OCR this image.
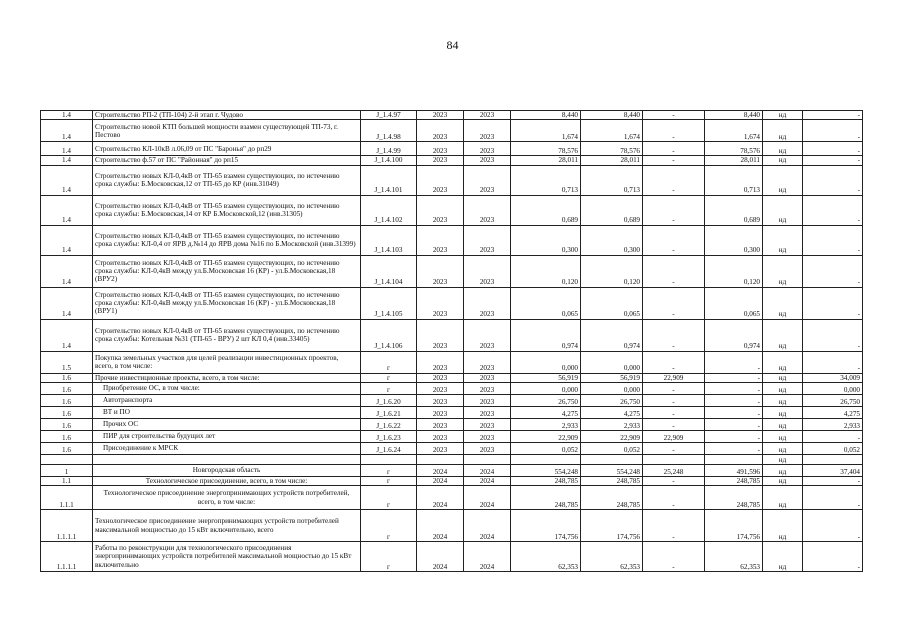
84
1.4	Строительство РП-2 (ТП-104) 2-й этап г. Чудово	J_1.4.97	2023	2023	8,440	8,440	-	8,440	нд	-
1.4	Строительство новой КТП большей мощности взамен существующей ТП-73, г. Пестово	J_1.4.98	2023	2023	1,674	1,674	-	1,674	нд	-
1.4	Строительство КЛ-10кВ л.06,09 от ПС "Баронья" до рп29	J_1.4.99	2023	2023	78,576	78,576	-	78,576	нд	-
1.4	Строительство ф.57 от ПС "Районная" до рп15	J_1.4.100	2023	2023	28,011	28,011	-	28,011	нд	-
1.4	Строительство новых КЛ-0,4кВ от ТП-65 взамен существующих, по истечению срока службы: Б.Московская,12 от ТП-65 до КР (инв.31049)	J_1.4.101	2023	2023	0,713	0,713	-	0,713	нд	-
1.4	Строительство новых КЛ-0,4кВ от ТП-65 взамен существующих, по истечению срока службы: Б.Московская,14 от КР Б.Московской,12 (инв.31305)	J_1.4.102	2023	2023	0,689	0,689	-	0,689	нд	-
1.4	Строительство новых КЛ-0,4кВ от ТП-65 взамен существующих, по истечению срока службы: КЛ-0,4 от ЯРВ д.№14 до ЯРВ дома №16 по Б.Московской (инв.31399)	J_1.4.103	2023	2023	0,300	0,300	-	0,300	нд	-
1.4	Строительство новых КЛ-0,4кВ от ТП-65 взамен существующих, по истечению срока службы: КЛ-0,4кВ между ул.Б.Московская 16 (КР) - ул.Б.Московская,18 (ВРУ2)	J_1.4.104	2023	2023	0,120	0,120	-	0,120	нд	-
1.4	Строительство новых КЛ-0,4кВ от ТП-65 взамен существующих, по истечению срока службы: КЛ-0,4кВ между ул.Б.Московская 16 (КР) - ул.Б.Московская,18 (ВРУ1)	J_1.4.105	2023	2023	0,065	0,065	-	0,065	нд	-
1.4	Строительство новых КЛ-0,4кВ от ТП-65 взамен существующих, по истечению срока службы: Котельная №31 (ТП-65 - ВРУ) 2 шт КЛ 0,4 (инв.33405)	J_1.4.106	2023	2023	0,974	0,974	-	0,974	нд	-
1.5	Покупка земельных участков для целей реализации инвестиционных проектов, всего, в том числе:	г	2023	2023	0,000	0,000	-	-	нд	-
1.6	Прочие инвестиционные проекты, всего, в том числе:	г	2023	2023	56,919	56,919	22,909	-	нд	34,009
1.6	Приобретение ОС, в том числе:	г	2023	2023	0,000	0,000	-	-	нд	0,000
1.6	Автотранспорта	J_1.6.20	2023	2023	26,750	26,750	-	-	нд	26,750
1.6	ВТ и ПО	J_1.6.21	2023	2023	4,275	4,275	-	-	нд	4,275
1.6	Прочих ОС	J_1.6.22	2023	2023	2,933	2,933	-	-	нд	2,933
1.6	ПИР для строительства будущих лет	J_1.6.23	2023	2023	22,909	22,909	22,909	-	нд	-
1.6	Присоединение к МРСК	J_1.6.24	2023	2023	0,052	0,052	-	-	нд	0,052
									нд	
1	Новгородская область	г	2024	2024	554,248	554,248	25,248	491,596	нд	37,404
1.1	Технологическое присоединение, всего, в том числе:	г	2024	2024	248,785	248,785	-	248,785	нд	-
1.1.1	Технологическое присоединение энергопринимающих устройств потребителей, всего, в том числе:	г	2024	2024	248,785	248,785	-	248,785	нд	-
1.1.1.1	Технологическое присоединение энергопринимающих устройств потребителей максимальной мощностью до 15 кВт включительно, всего	г	2024	2024	174,756	174,756	-	174,756	нд	-
1.1.1.1	Работы по реконструкции для технологического присоединения энергопринимающих устройств потребителей максимальной мощностью до 15 кВт включительно	г	2024	2024	62,353	62,353	-	62,353	нд	-
